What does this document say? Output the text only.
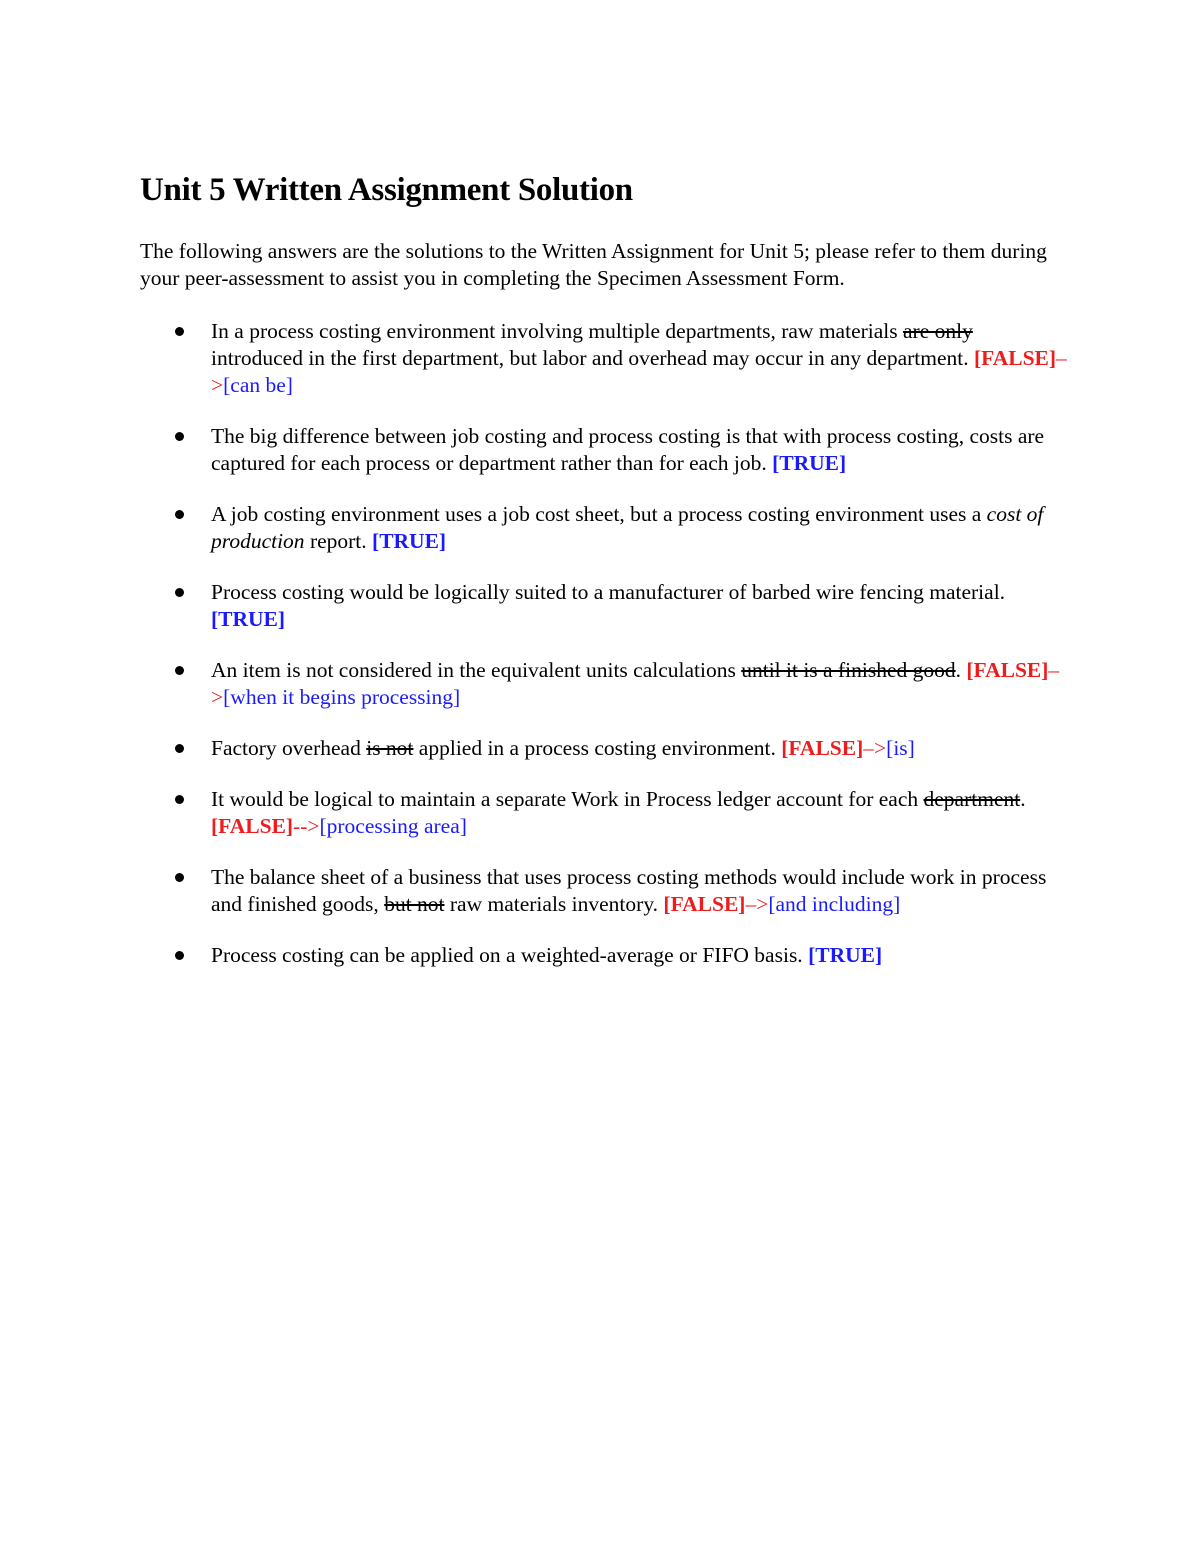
Unit 5 Written Assignment Solution

The following answers are the solutions to the Written Assignment for Unit 5; please refer to them during your peer-assessment to assist you in completing the Specimen Assessment Form.

In a process costing environment involving multiple departments, raw materials are only introduced in the first department, but labor and overhead may occur in any department. [FALSE]–>[can be]
The big difference between job costing and process costing is that with process costing, costs are captured for each process or department rather than for each job. [TRUE]
A job costing environment uses a job cost sheet, but a process costing environment uses a cost of production report. [TRUE]
Process costing would be logically suited to a manufacturer of barbed wire fencing material. [TRUE]
An item is not considered in the equivalent units calculations until it is a finished good. [FALSE]–>[when it begins processing]
Factory overhead is not applied in a process costing environment. [FALSE]–>[is]
It would be logical to maintain a separate Work in Process ledger account for each department. [FALSE]-->[processing area]
The balance sheet of a business that uses process costing methods would include work in process and finished goods, but not raw materials inventory. [FALSE]–>[and including]
Process costing can be applied on a weighted-average or FIFO basis. [TRUE]
